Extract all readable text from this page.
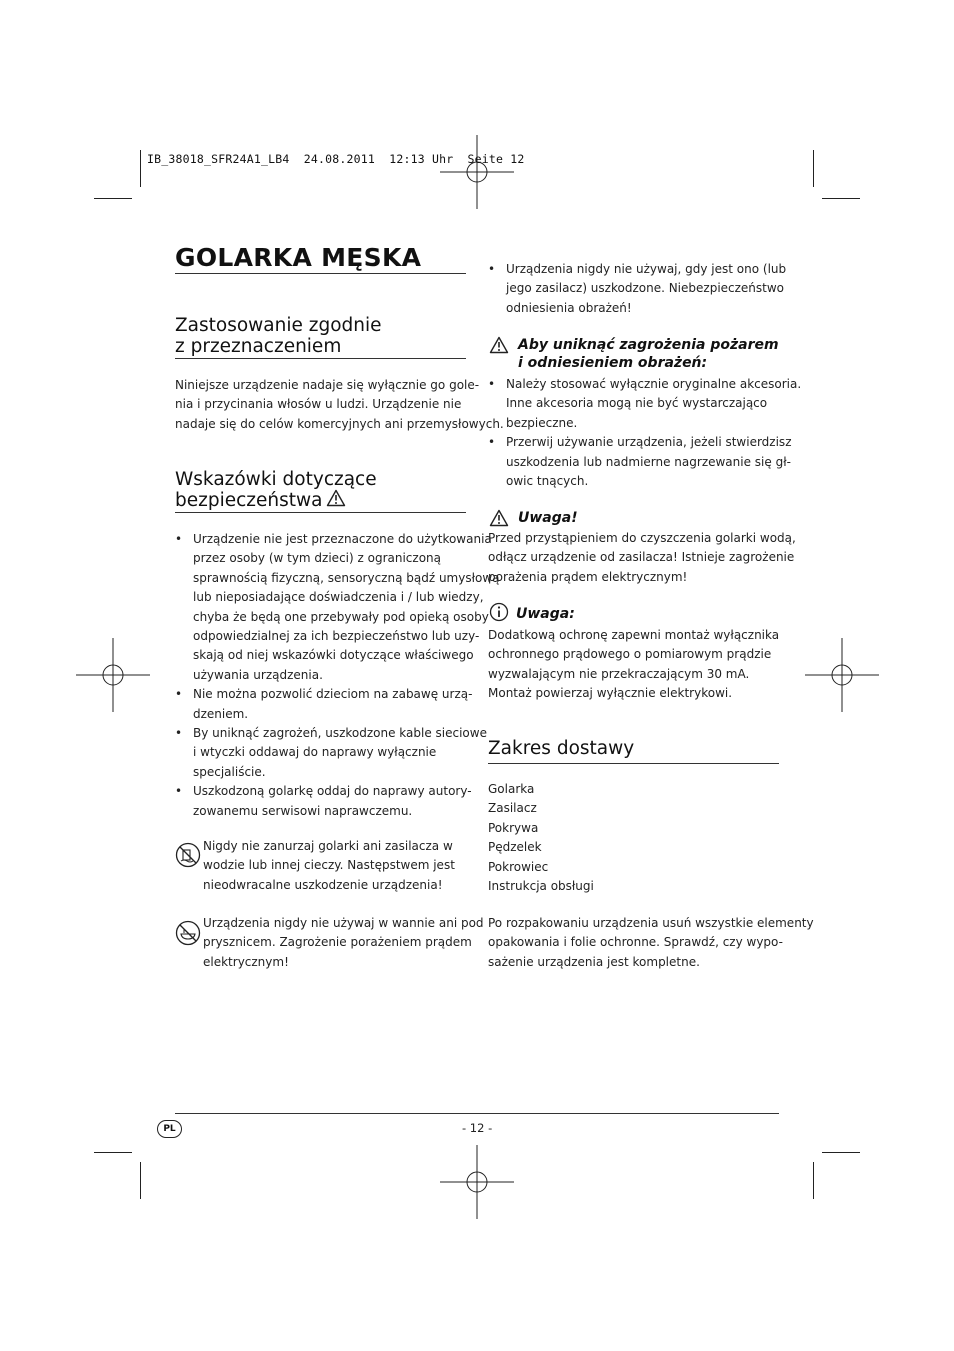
IB_38018_SFR24A1_LB4  24.08.2011  12:13 Uhr  Seite 12
GOLARKA MĘSKA
Zastosowanie zgodnie
z przeznaczeniem

Niniejsze urządzenie nadaje się wyłącznie go gole-
nia i przycinania włosów u ludzi. Urządzenie nie
nadaje się do celów komercyjnych ani przemysłowych.

Wskazówki dotyczące
bezpieczeństwa
• Urządzenie nie jest przeznaczone do użytkowania
przez osoby (w tym dzieci) z ograniczoną
sprawnością fizyczną, sensoryczną bądź umysłową
lub nieposiadające doświadczenia i / lub wiedzy,
chyba że będą one przebywały pod opieką osoby
odpowiedzialnej za ich bezpieczeństwo lub uzy-
skają od niej wskazówki dotyczące właściwego
używania urządzenia.
• Nie można pozwolić dzieciom na zabawę urzą-
dzeniem.
• By uniknąć zagrożeń, uszkodzone kable sieciowe
i wtyczki oddawaj do naprawy wyłącznie
specjaliście.
• Uszkodzoną golarkę oddaj do naprawy autory-
zowanemu serwisowi naprawczemu.

Nigdy nie zanurzaj golarki ani zasilacza w
wodzie lub innej cieczy. Następstwem jest
nieodwracalne uszkodzenie urządzenia!

Urządzenia nigdy nie używaj w wannie ani pod
prysznicem. Zagrożenie porażeniem prądem
elektrycznym!

• Urządzenia nigdy nie używaj, gdy jest ono (lub
jego zasilacz) uszkodzone. Niebezpieczeństwo
odniesienia obrażeń!
Aby uniknąć zagrożenia pożarem
i odniesieniem obrażeń:
• Należy stosować wyłącznie oryginalne akcesoria.
Inne akcesoria mogą nie być wystarczająco
bezpieczne.
• Przerwij używanie urządzenia, jeżeli stwierdzisz
uszkodzenia lub nadmierne nagrzewanie się gł-
owic tnących.
Uwaga!

Przed przystąpieniem do czyszczenia golarki wodą,
odłącz urządzenie od zasilacza! Istnieje zagrożenie
porażenia prądem elektrycznym!

Uwaga:

Dodatkową ochronę zapewni montaż wyłącznika
ochronnego prądowego o pomiarowym prądzie
wyzwalającym nie przekraczającym 30 mA.
Montaż powierzaj wyłącznie elektrykowi.

Zakres dostawy

Golarka
Zasilacz
Pokrywa
Pędzelek
Pokrowiec
Instrukcja obsługi

Po rozpakowaniu urządzenia usuń wszystkie elementy
opakowania i folie ochronne. Sprawdź, czy wypo-
sażenie urządzenia jest kompletne.

PL	- 12 -
